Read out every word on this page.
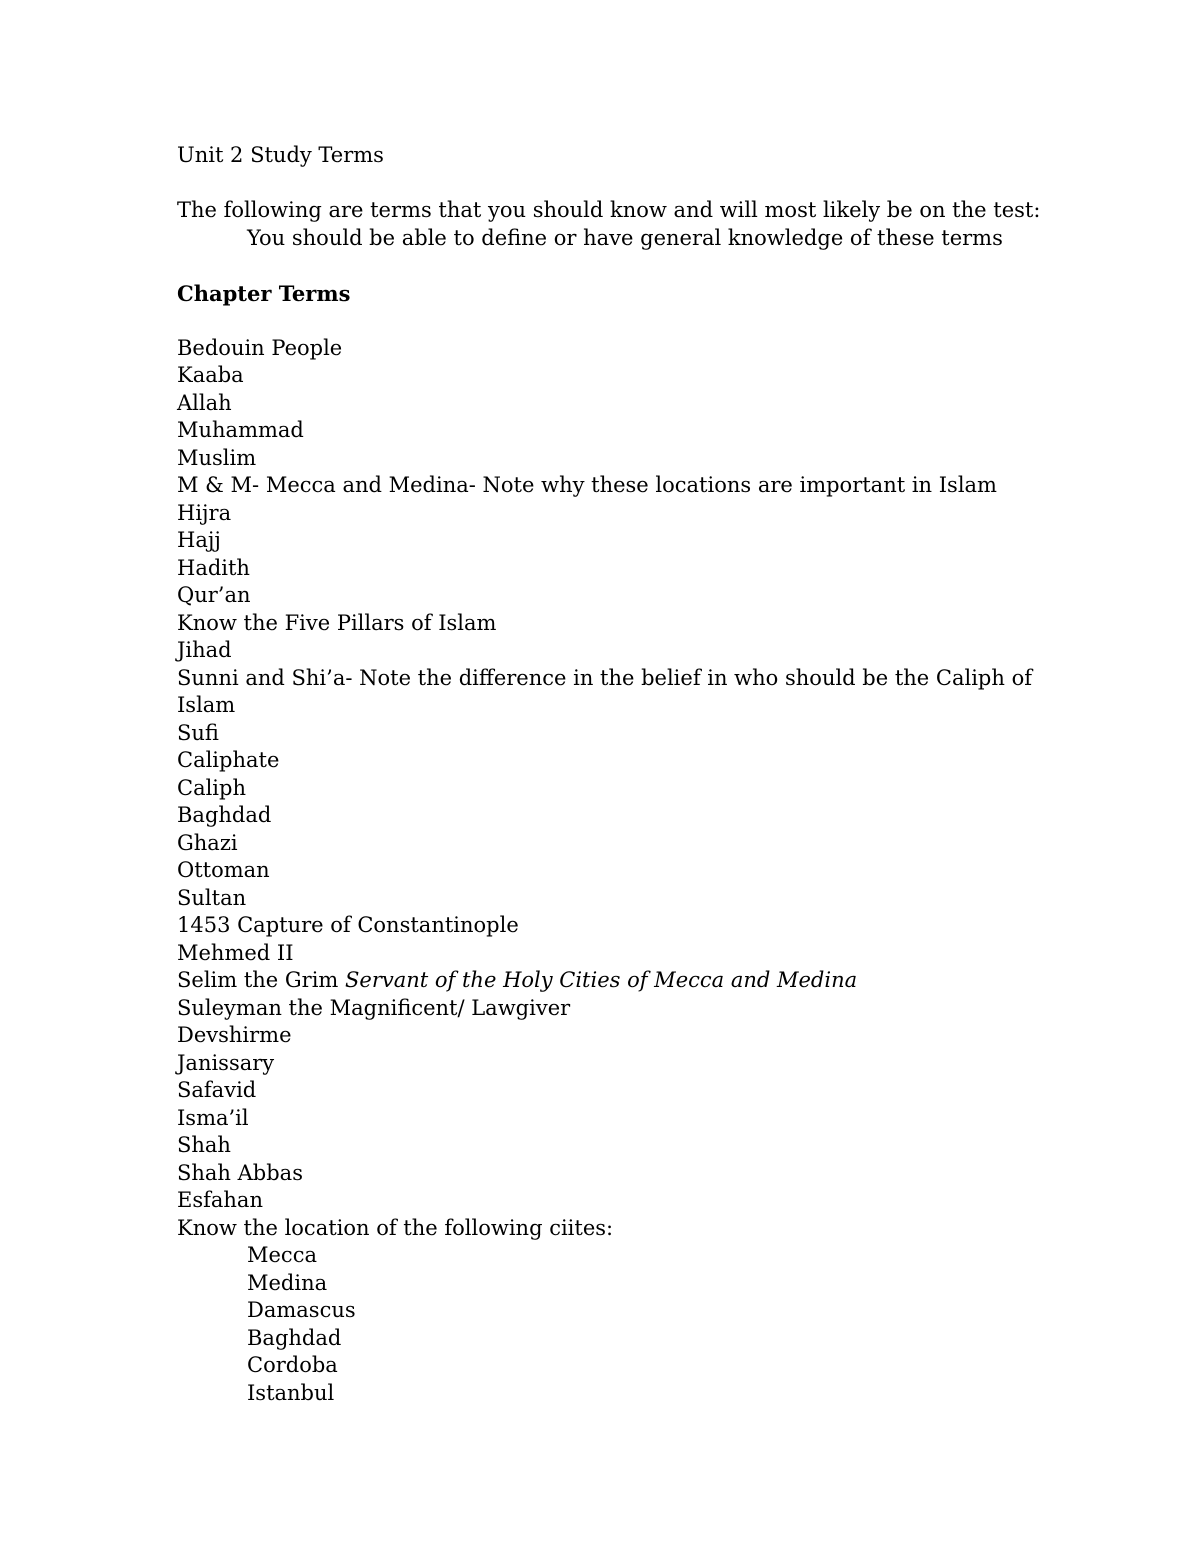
Unit 2 Study Terms
The following are terms that you should know and will most likely be on the test:
You should be able to define or have general knowledge of these terms
Chapter Terms
Bedouin People
Kaaba
Allah
Muhammad
Muslim
M & M- Mecca and Medina- Note why these locations are important in Islam
Hijra
Hajj
Hadith
Qur’an
Know the Five Pillars of Islam
Jihad
Sunni and Shi’a- Note the difference in the belief in who should be the Caliph of
Islam
Sufi
Caliphate
Caliph
Baghdad
Ghazi
Ottoman
Sultan
1453 Capture of Constantinople
Mehmed II
Selim the Grim Servant of the Holy Cities of Mecca and Medina
Suleyman the Magnificent/ Lawgiver
Devshirme
Janissary
Safavid
Isma’il
Shah
Shah Abbas
Esfahan
Know the location of the following ciites:
Mecca
Medina
Damascus
Baghdad
Cordoba
Istanbul
